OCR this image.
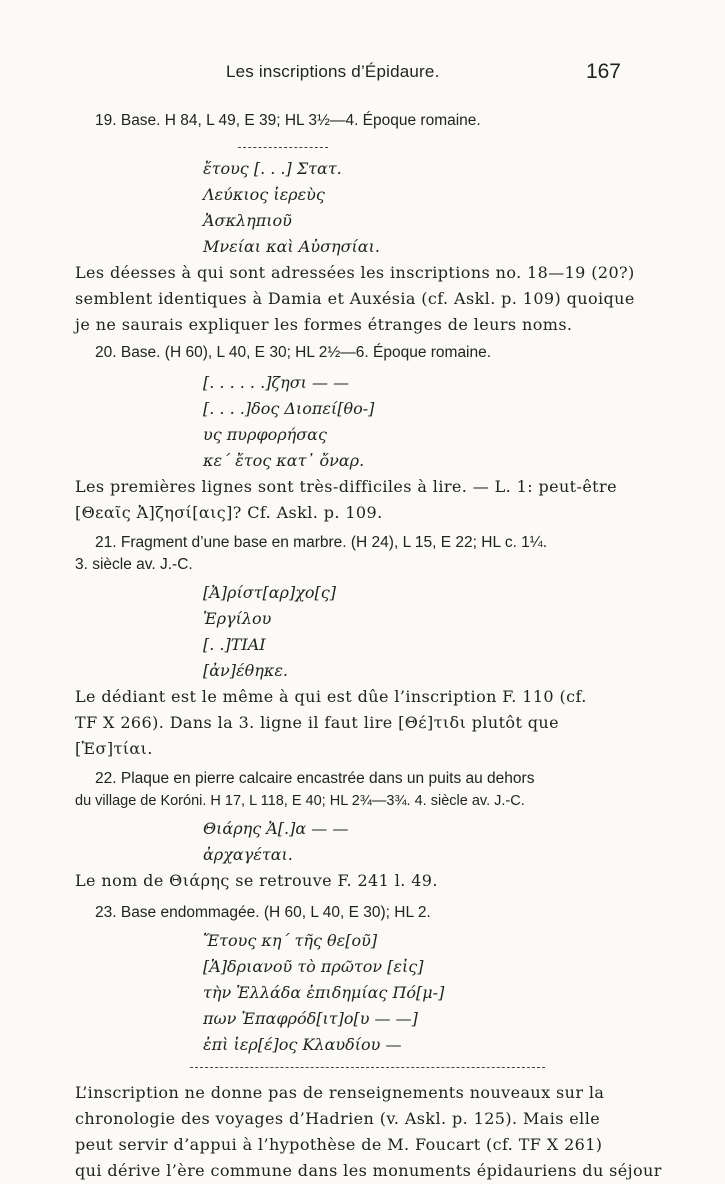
Les inscriptions d’Épidaure.	167
19. Base. H 84, L 49, E 39; HL 3½—4. Époque romaine.
ἔτους [. . .] Στατ.
Λεύκιος ἱερεὺς
Ἀσκληπιοῦ
Μνείαι καὶ Αὐσησίαι.
Les déesses à qui sont adressées les inscriptions no. 18—19 (20?)
semblent identiques à Damia et Auxésia (cf. Askl. p. 109) quoique
je ne saurais expliquer les formes étranges de leurs noms.
20. Base. (H 60), L 40, E 30; HL 2½—6. Époque romaine.
[. . . . . .]ζησι — —
[. . . .]δος Διοπεί[θο-]
υς πυρφορήσας
κε΄ ἔτος κατ᾽ ὄναρ.
Les premières lignes sont très-difficiles à lire. — L. 1: peut-être
[Θεαῖς Ἀ]ζησί[αις]? Cf. Askl. p. 109.
21. Fragment d’une base en marbre. (H 24), L 15, E 22; HL c. 1¼.
3. siècle av. J.-C.
[Ἀ]ρίστ[αρ]χο[ς]
Ἐργίλου
[. .]ΤΙΑΙ
[ἀν]έθηκε.
Le dédiant est le même à qui est dûe l’inscription F. 110 (cf.
TF X 266). Dans la 3. ligne il faut lire [Θέ]τιδι plutôt que
[Ἑσ]τίαι.
22. Plaque en pierre calcaire encastrée dans un puits au dehors
du village de Koróni. H 17, L 118, E 40; HL 2¾—3¾. 4. siècle av. J.-C.
Θιάρης Ἀ[.]α — —
ἀρχαγέται.
Le nom de Θιάρης se retrouve F. 241 l. 49.
23. Base endommagée. (H 60, L 40, E 30); HL 2.
Ἔτους κη΄ τῆς θε[οῦ]
[Ἁ]δριανοῦ τὸ πρῶτον [εἰς]
τὴν Ἑλλάδα ἐπιδημίας Πό[μ-]
πων Ἐπαφρόδ[ιτ]ο[υ — —]
ἐπὶ ἱερ[έ]ος Κλαυδίου —
L’inscription ne donne pas de renseignements nouveaux sur la
chronologie des voyages d’Hadrien (v. Askl. p. 125). Mais elle
peut servir d’appui à l’hypothèse de M. Foucart (cf. TF X 261)
qui dérive l’ère commune dans les monuments épidauriens du séjour
